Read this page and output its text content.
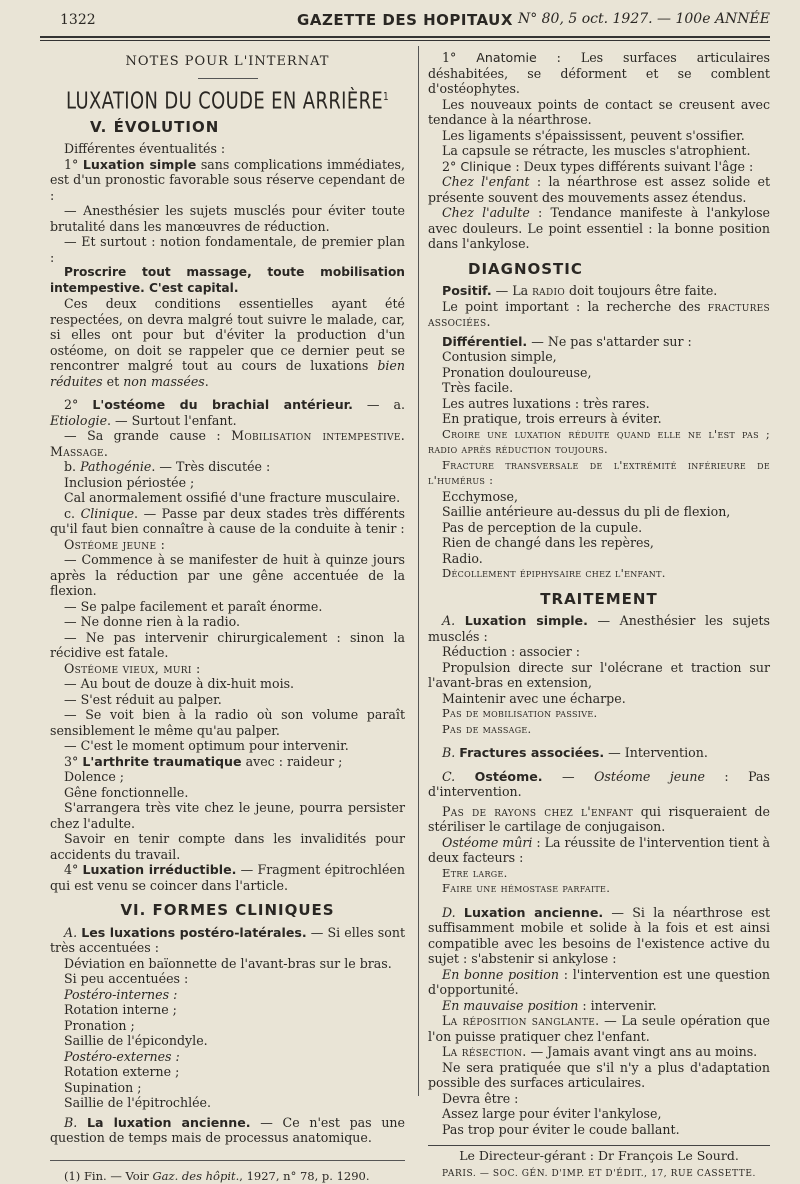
1322	GAZETTE DES HOPITAUX N° 80, 5 oct. 1927. — 100e ANNÉE

NOTES POUR L'INTERNAT

LUXATION DU COUDE EN ARRIÈRE$^1$

V. ÉVOLUTION

Différentes éventualités :

1° Luxation simple sans complications immédiates, est d'un pronostic favorable sous réserve cependant de :

— Anesthésier les sujets musclés pour éviter toute brutalité dans les manœuvres de réduction.

— Et surtout : notion fondamentale, de premier plan :

Proscrire tout massage, toute mobilisation intempestive. C'est capital.

Ces deux conditions essentielles ayant été respectées, on devra malgré tout suivre le malade, car, si elles ont pour but d'éviter la production d'un ostéome, on doit se rappeler que ce dernier peut se rencontrer malgré tout au cours de luxations bien réduites et non massées.

2° L'ostéome du brachial antérieur. — a. Etiologie. — Surtout l'enfant.

— Sa grande cause : Mobilisation intempestive. Massage.

b. Pathogénie. — Très discutée :

Inclusion périostée ;

Cal anormalement ossifié d'une fracture musculaire.

c. Clinique. — Passe par deux stades très différents qu'il faut bien connaître à cause de la conduite à tenir :

Ostéome jeune :

— Commence à se manifester de huit à quinze jours après la réduction par une gêne accentuée de la flexion.

— Se palpe facilement et paraît énorme.

— Ne donne rien à la radio.

— Ne pas intervenir chirurgicalement : sinon la récidive est fatale.

Ostéome vieux, muri :

— Au bout de douze à dix-huit mois.

— S'est réduit au palper.

— Se voit bien à la radio où son volume paraît sensiblement le même qu'au palper.

— C'est le moment optimum pour intervenir.

3° L'arthrite traumatique avec : raideur ;

Dolence ;

Gêne fonctionnelle.

S'arrangera très vite chez le jeune, pourra persister chez l'adulte.

Savoir en tenir compte dans les invalidités pour accidents du travail.

4° Luxation irréductible. — Fragment épitrochléen qui est venu se coincer dans l'article.

VI. FORMES CLINIQUES

A. Les luxations postéro-latérales. — Si elles sont très accentuées :

Déviation en baïonnette de l'avant-bras sur le bras.

Si peu accentuées :

Postéro-internes :

Rotation interne ;

Pronation ;

Saillie de l'épicondyle.

Postéro-externes :

Rotation externe ;

Supination ;

Saillie de l'épitrochlée.

B. La luxation ancienne. — Ce n'est pas une question de temps mais de processus anatomique.

(1) Fin. — Voir Gaz. des hôpit., 1927, n° 78, p. 1290.

1° Anatomie : Les surfaces articulaires déshabitées, se déforment et se comblent d'ostéophytes.

Les nouveaux points de contact se creusent avec tendance à la néarthrose.

Les ligaments s'épaississent, peuvent s'ossifier.

La capsule se rétracte, les muscles s'atrophient.

2° Clinique : Deux types différents suivant l'âge :

Chez l'enfant : la néarthrose est assez solide et présente souvent des mouvements assez étendus.

Chez l'adulte : Tendance manifeste à l'ankylose avec douleurs. Le point essentiel : la bonne position dans l'ankylose.

DIAGNOSTIC

Positif. — La radio doit toujours être faite.

Le point important : la recherche des fractures associées.

Différentiel. — Ne pas s'attarder sur :

Contusion simple,

Pronation douloureuse,

Très facile.

Les autres luxations : très rares.

En pratique, trois erreurs à éviter.

Croire une luxation réduite quand elle ne l'est pas ; radio après réduction toujours.

Fracture transversale de l'extrémité inférieure de l'humérus :

Ecchymose,

Saillie antérieure au-dessus du pli de flexion,

Pas de perception de la cupule.

Rien de changé dans les repères,

Radio.

Décollement épiphysaire chez l'enfant.

TRAITEMENT

A. Luxation simple. — Anesthésier les sujets musclés :

Réduction : associer :

Propulsion directe sur l'olécrane et traction sur l'avant-bras en extension,

Maintenir avec une écharpe.

Pas de mobilisation passive.

Pas de massage.

B. Fractures associées. — Intervention.

C. Ostéome. — Ostéome jeune : Pas d'intervention.

Pas de rayons chez l'enfant qui risqueraient de stériliser le cartilage de conjugaison.

Ostéome mûri : La réussite de l'intervention tient à deux facteurs :

Etre large.

Faire une hémostase parfaite.

D. Luxation ancienne. — Si la néarthrose est suffisamment mobile et solide à la fois et est ainsi compatible avec les besoins de l'existence active du sujet : s'abstenir si ankylose :

En bonne position : l'intervention est une question d'opportunité.

En mauvaise position : intervenir.

La réposition sanglante. — La seule opération que l'on puisse pratiquer chez l'enfant.

La résection. — Jamais avant vingt ans au moins.

Ne sera pratiquée que s'il n'y a plus d'adaptation possible des surfaces articulaires.

Devra être :

Assez large pour éviter l'ankylose,

Pas trop pour éviter le coude ballant.

Le Directeur-gérant : Dr François Le Sourd.

PARIS. — SOC. GÉN. D'IMP. ET D'ÉDIT., 17, RUE CASSETTE.
